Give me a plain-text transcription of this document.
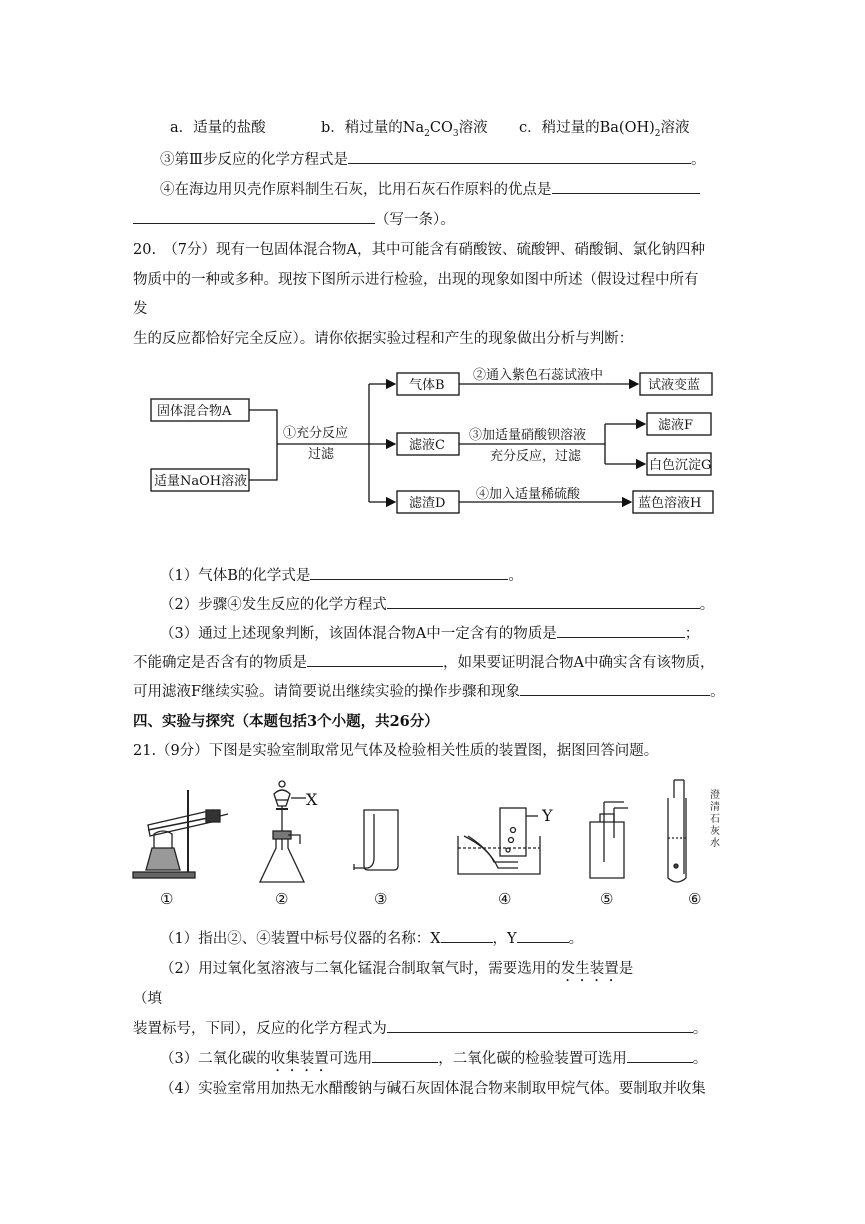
a．适量的盐酸	b．稍过量的$Na_2CO_3$溶液 c．稍过量的$Ba(OH)_2$溶液
③第Ⅲ步反应的化学方程式是	。
④在海边用贝壳作原料制生石灰，比用石灰石作原料的优点是
（写一条）。
20.　（7分）现有一包固体混合物A，其中可能含有硝酸铵、硫酸钾、硝酸铜、氯化钠四种
物质中的一种或多种。现按下图所示进行检验，出现的现象如图中所述（假设过程中所有
发
生的反应都恰好完全反应）。请你依据实验过程和产生的现象做出分析与判断：
固体混合物A
适量NaOH溶液
①充分反应
过滤
气体B
②通入紫色石蕊试液中
试液变蓝
滤液C
③加适量硝酸钡溶液
充分反应，过滤
滤液F
白色沉淀G
滤渣D
④加入适量稀硫酸
蓝色溶液H
（1）气体B的化学式是	。
（2）步骤④发生反应的化学方程式	。
（3）通过上述现象判断，该固体混合物A中一定含有的物质是	；
不能确定是否含有的物质是	，如果要证明混合物A中确实含有该物质，
可用滤液F继续实验。请简要说出继续实验的操作步骤和现象	。
四、实验与探究（本题包括3个小题，共26分）
21.（9分）下图是实验室制取常见气体及检验相关性质的装置图，据图回答问题。
X
Y
澄
清
石
灰
水
①	②	③	④	⑤	⑥
（1）指出②、④装置中标号仪器的名称：X	，Y	。
（2）用过氧化氢溶液与二氧化锰混合制取氧气时，需要选用的发生装置是
（填
装置标号，下同），反应的化学方程式为	。
（3）二氧化碳的收集装置可选用	，二氧化碳的检验装置可选用	。
（4）实验室常用加热无水醋酸钠与碱石灰固体混合物来制取甲烷气体。要制取并收集
